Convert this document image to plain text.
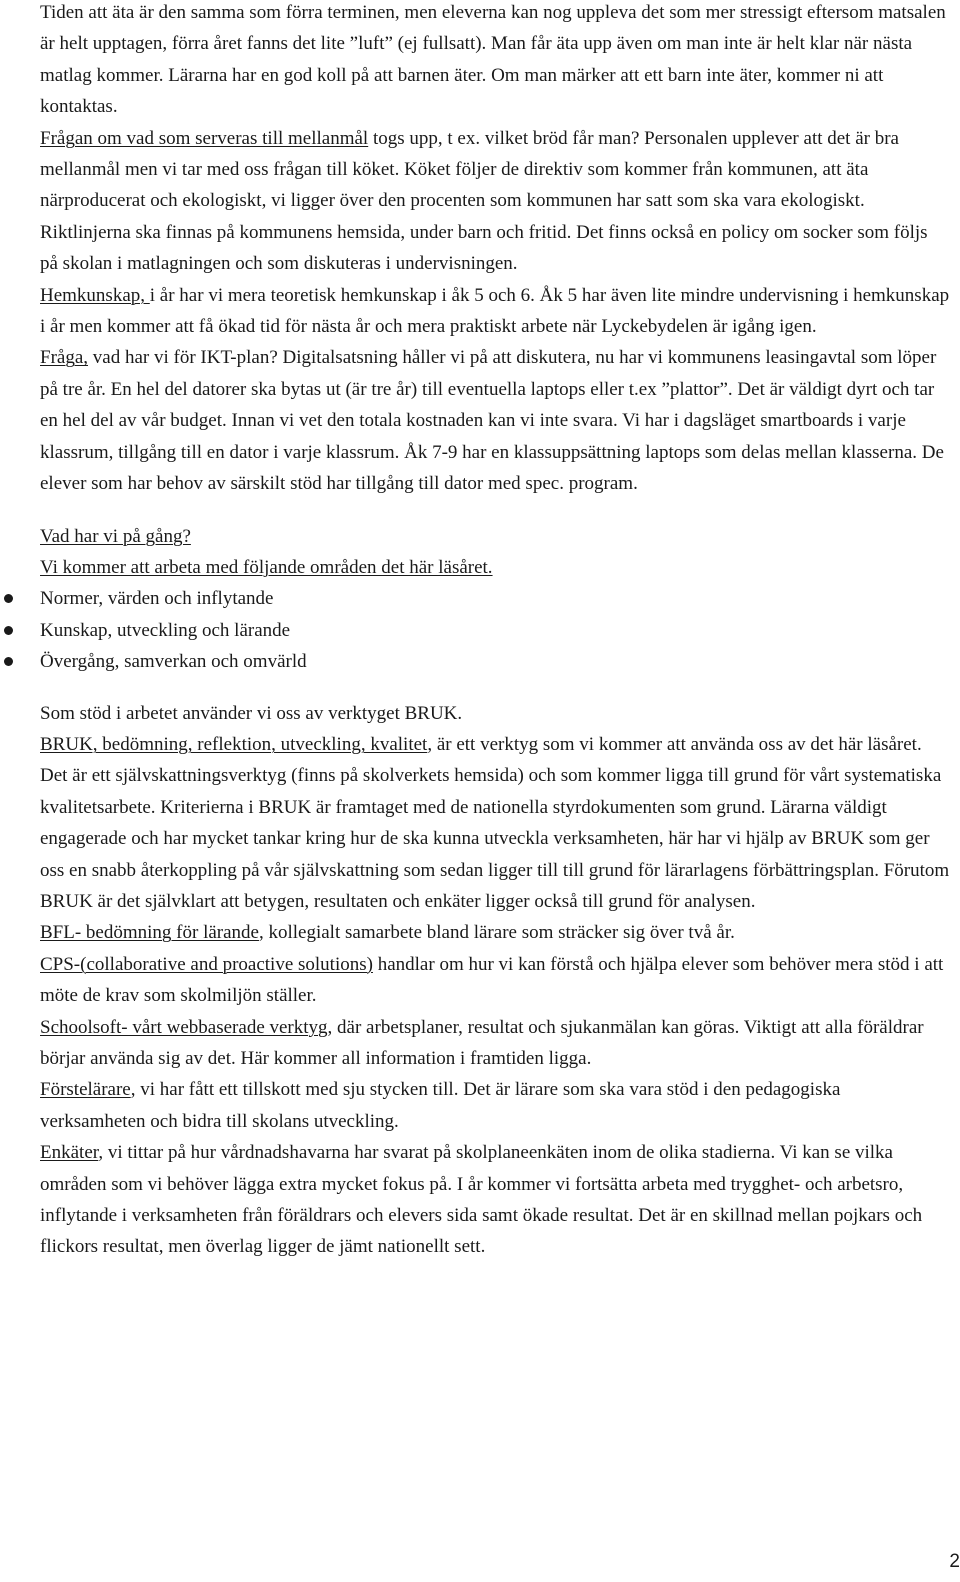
Tiden att äta är den samma som förra terminen, men eleverna kan nog uppleva det som mer stressigt eftersom matsalen är helt upptagen, förra året fanns det lite ”luft” (ej fullsatt). Man får äta upp även om man inte är helt klar när nästa matlag kommer. Lärarna har en god koll på att barnen äter. Om man märker att ett barn inte äter, kommer ni att kontaktas.
Frågan om vad som serveras till mellanmål togs upp, t ex. vilket bröd får man? Personalen upplever att det är bra mellanmål men vi tar med oss frågan till köket. Köket följer de direktiv som kommer från kommunen, att äta närproducerat och ekologiskt, vi ligger över den procenten som kommunen har satt som ska vara ekologiskt. Riktlinjerna ska finnas på kommunens hemsida, under barn och fritid. Det finns också en policy om socker som följs på skolan i matlagningen och som diskuteras i undervisningen.

Hemkunskap, i år har vi mera teoretisk hemkunskap i åk 5 och 6. Åk 5 har även lite mindre undervisning i hemkunskap i år men kommer att få ökad tid för nästa år och mera praktiskt arbete när Lyckebydelen är igång igen.

Fråga, vad har vi för IKT-plan? Digitalsatsning håller vi på att diskutera, nu har vi kommunens leasingavtal som löper på tre år. En hel del datorer ska bytas ut (är tre år) till eventuella laptops eller t.ex ”plattor”. Det är väldigt dyrt och tar en hel del av vår budget. Innan vi vet den totala kostnaden kan vi inte svara. Vi har i dagsläget smartboards i varje klassrum, tillgång till en dator i varje klassrum. Åk 7-9 har en klassuppsättning laptops som delas mellan klasserna. De elever som har behov av särskilt stöd har tillgång till dator med spec. program.

Vad har vi på gång?
Vi kommer att arbeta med följande områden det här läsåret.

Normer, värden och inflytande
Kunskap, utveckling och lärande
Övergång, samverkan och omvärld

Som stöd i arbetet använder vi oss av verktyget BRUK.

BRUK, bedömning, reflektion, utveckling, kvalitet, är ett verktyg som vi kommer att använda oss av det här läsåret. Det är ett självskattningsverktyg (finns på skolverkets hemsida) och som kommer ligga till grund för vårt systematiska kvalitetsarbete. Kriterierna i BRUK är framtaget med de nationella styrdokumenten som grund. Lärarna väldigt engagerade och har mycket tankar kring hur de ska kunna utveckla verksamheten, här har vi hjälp av BRUK som ger oss en snabb återkoppling på vår självskattning som sedan ligger till till grund för lärarlagens förbättringsplan. Förutom BRUK är det självklart att betygen, resultaten och enkäter ligger också till grund för analysen.

BFL- bedömning för lärande, kollegialt samarbete bland lärare som sträcker sig över två år.

CPS-(collaborative and proactive solutions) handlar om hur vi kan förstå och hjälpa elever som behöver mera stöd i att möte de krav som skolmiljön ställer.

Schoolsoft- vårt webbaserade verktyg, där arbetsplaner, resultat och sjukanmälan kan göras. Viktigt att alla föräldrar börjar använda sig av det. Här kommer all information i framtiden ligga.

Förstelärare, vi har fått ett tillskott med sju stycken till. Det är lärare som ska vara stöd i den pedagogiska verksamheten och bidra till skolans utveckling.

Enkäter, vi tittar på hur vårdnadshavarna har svarat på skolplaneenkäten inom de olika stadierna. Vi kan se vilka områden som vi behöver lägga extra mycket fokus på. I år kommer vi fortsätta arbeta med trygghet- och arbetsro, inflytande i verksamheten från föräldrars och elevers sida samt ökade resultat. Det är en skillnad mellan pojkars och flickors resultat, men överlag ligger de jämt nationellt sett.

2
